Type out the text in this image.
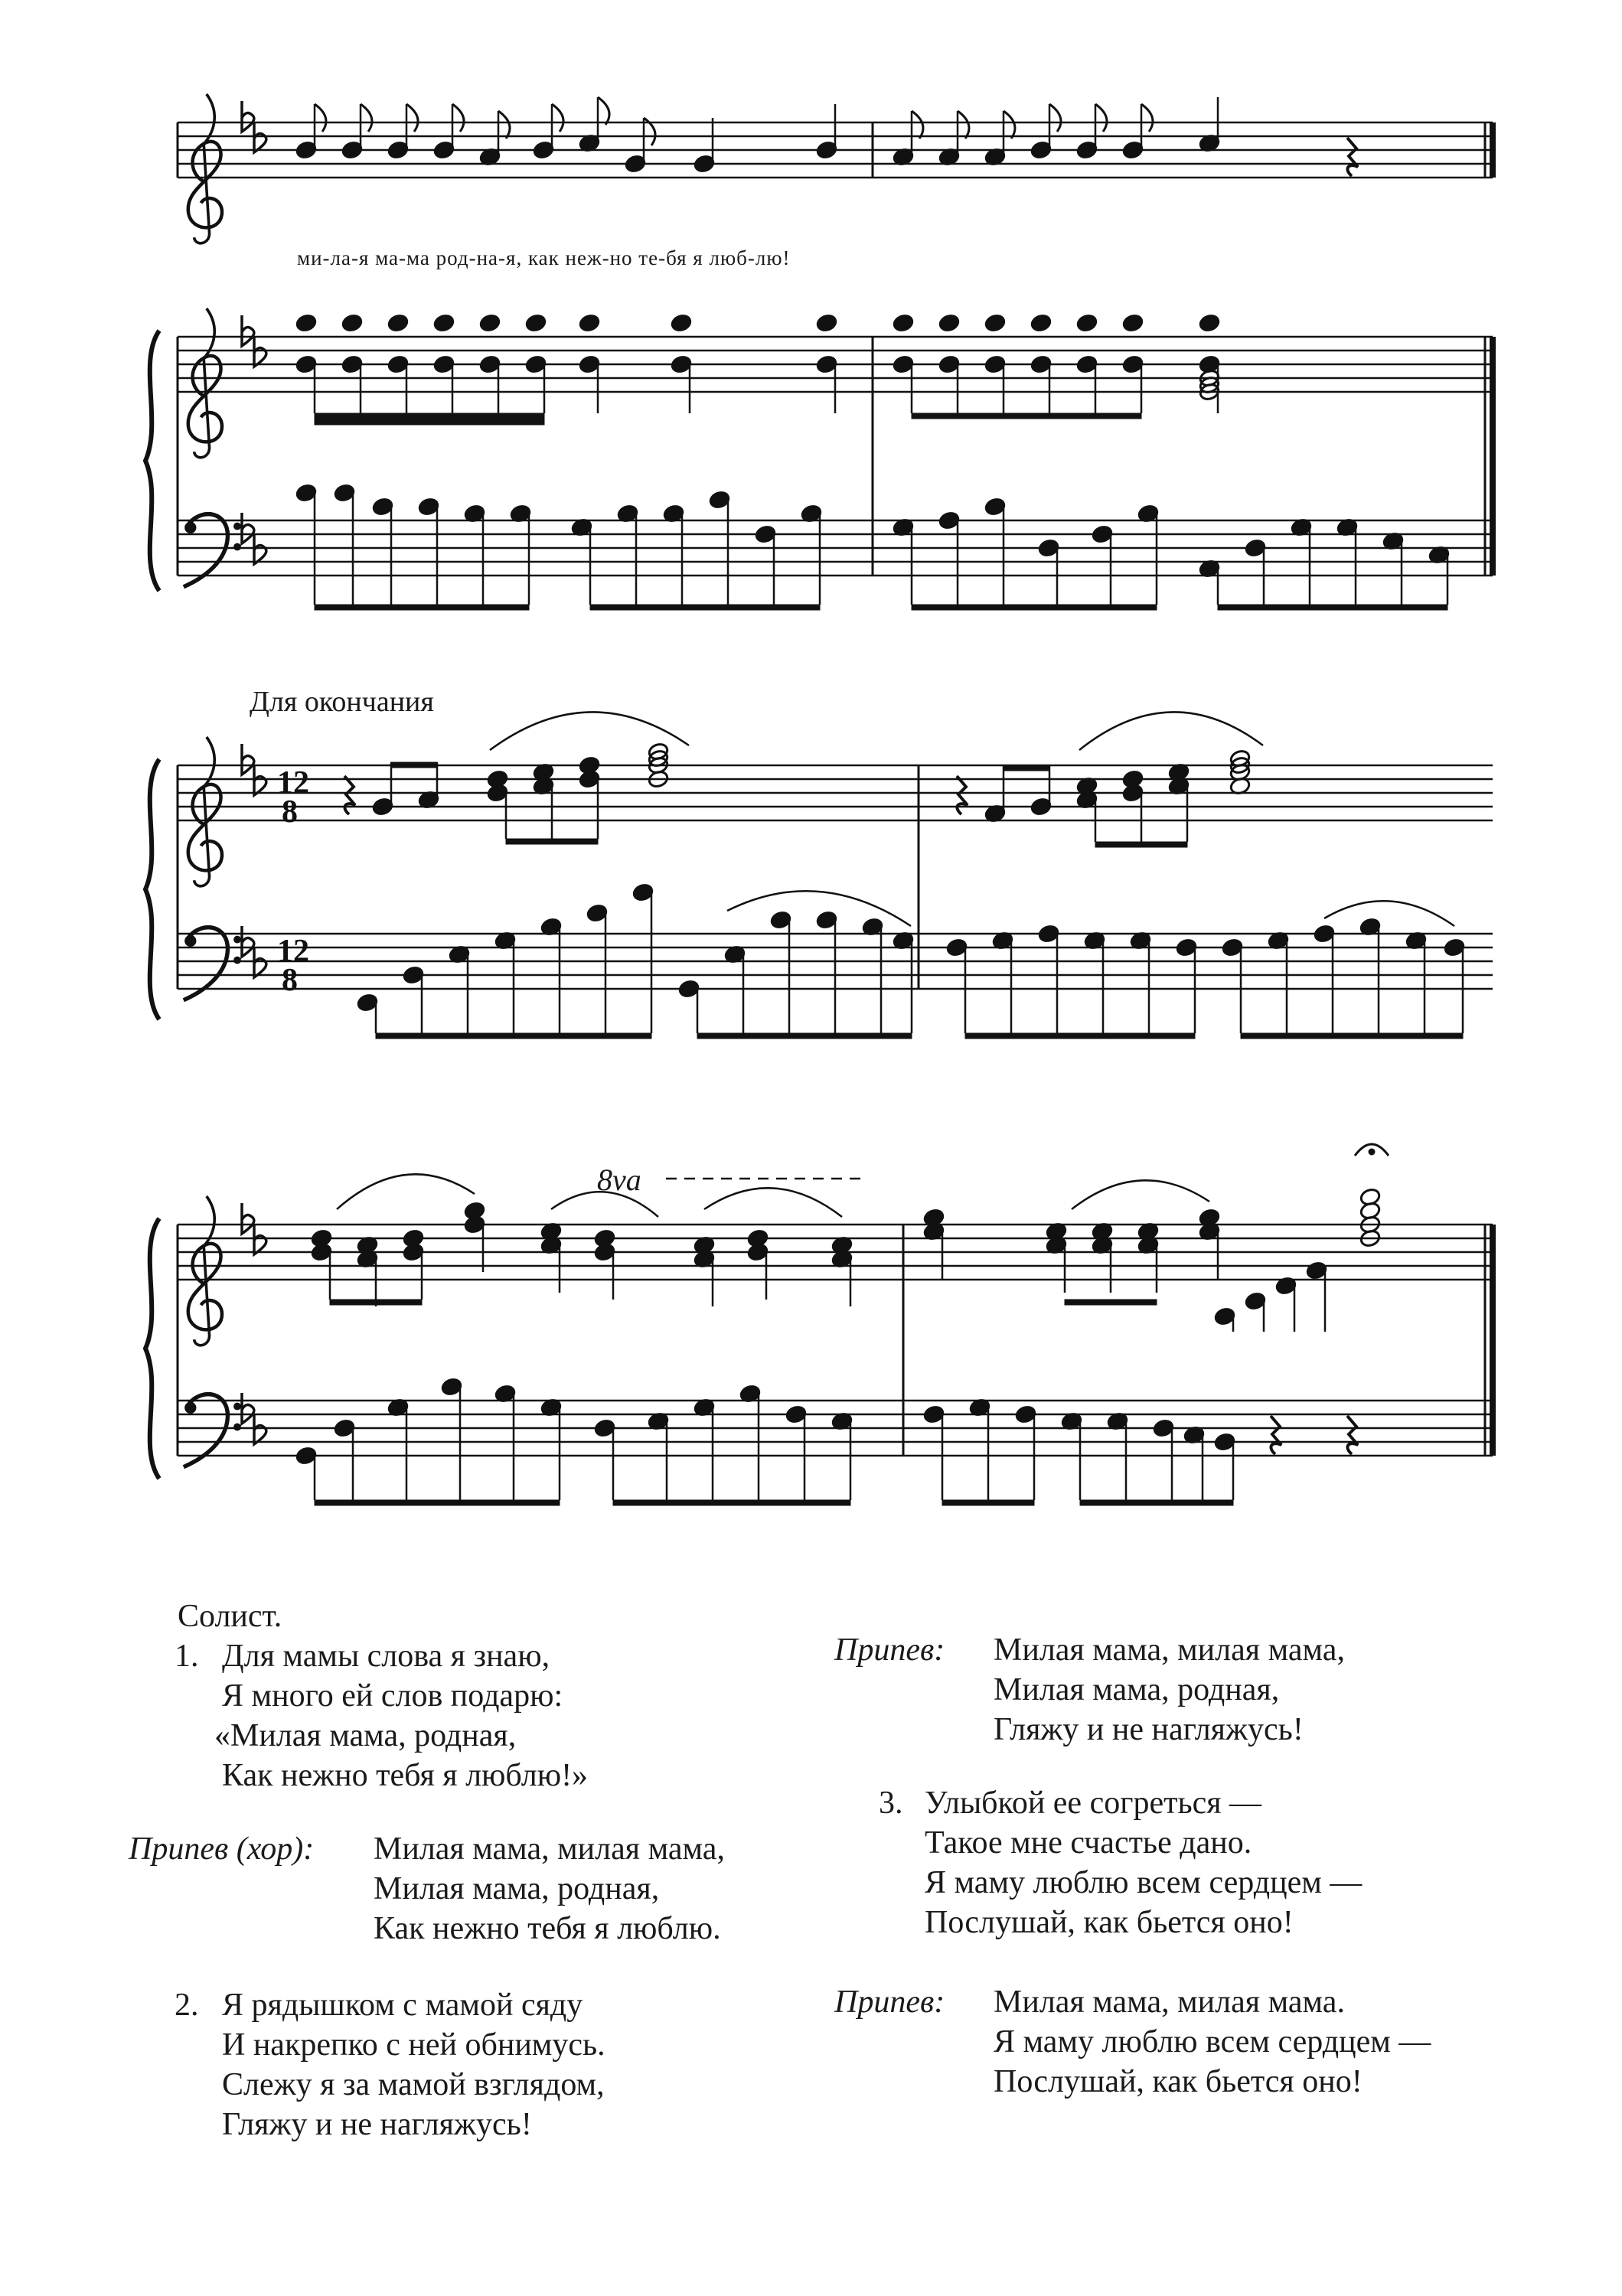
12
8
12
8
ми-ла-я ма-ма род-на-я, как неж-но те-бя я люб-лю!
Для окончания
8va
Солист.
1. Для мамы слова я знаю,
Я много ей слов подарю:
«Милая мама, родная,
Как нежно тебя я люблю!»
Припев (хор): Милая мама, милая мама,
Милая мама, родная,
Как нежно тебя я люблю.
2. Я рядышком с мамой сяду
И накрепко с ней обнимусь.
Слежу я за мамой взглядом,
Гляжу и не нагляжусь!
Припев: Милая мама, милая мама,
Милая мама, родная,
Гляжу и не нагляжусь!
3. Улыбкой ее согреться —
Такое мне счастье дано.
Я маму люблю всем сердцем —
Послушай, как бьется оно!
Припев: Милая мама, милая мама.
Я маму люблю всем сердцем —
Послушай, как бьется оно!
